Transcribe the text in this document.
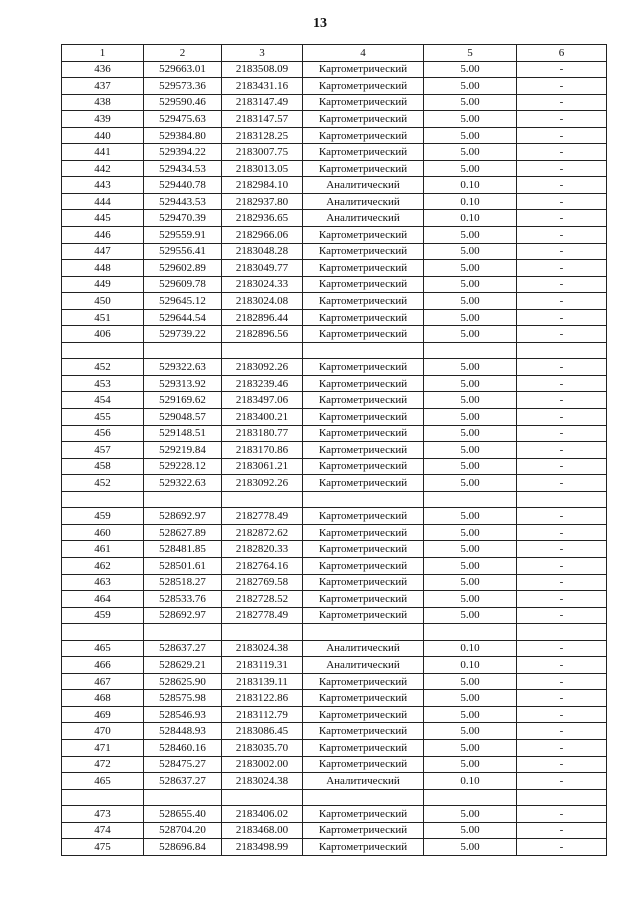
13
1	2	3	4	5	6
436	529663.01	2183508.09	Картометрический	5.00	-
437	529573.36	2183431.16	Картометрический	5.00	-
438	529590.46	2183147.49	Картометрический	5.00	-
439	529475.63	2183147.57	Картометрический	5.00	-
440	529384.80	2183128.25	Картометрический	5.00	-
441	529394.22	2183007.75	Картометрический	5.00	-
442	529434.53	2183013.05	Картометрический	5.00	-
443	529440.78	2182984.10	Аналитический	0.10	-
444	529443.53	2182937.80	Аналитический	0.10	-
445	529470.39	2182936.65	Аналитический	0.10	-
446	529559.91	2182966.06	Картометрический	5.00	-
447	529556.41	2183048.28	Картометрический	5.00	-
448	529602.89	2183049.77	Картометрический	5.00	-
449	529609.78	2183024.33	Картометрический	5.00	-
450	529645.12	2183024.08	Картометрический	5.00	-
451	529644.54	2182896.44	Картометрический	5.00	-
406	529739.22	2182896.56	Картометрический	5.00	-

452	529322.63	2183092.26	Картометрический	5.00	-
453	529313.92	2183239.46	Картометрический	5.00	-
454	529169.62	2183497.06	Картометрический	5.00	-
455	529048.57	2183400.21	Картометрический	5.00	-
456	529148.51	2183180.77	Картометрический	5.00	-
457	529219.84	2183170.86	Картометрический	5.00	-
458	529228.12	2183061.21	Картометрический	5.00	-
452	529322.63	2183092.26	Картометрический	5.00	-

459	528692.97	2182778.49	Картометрический	5.00	-
460	528627.89	2182872.62	Картометрический	5.00	-
461	528481.85	2182820.33	Картометрический	5.00	-
462	528501.61	2182764.16	Картометрический	5.00	-
463	528518.27	2182769.58	Картометрический	5.00	-
464	528533.76	2182728.52	Картометрический	5.00	-
459	528692.97	2182778.49	Картометрический	5.00	-

465	528637.27	2183024.38	Аналитический	0.10	-
466	528629.21	2183119.31	Аналитический	0.10	-
467	528625.90	2183139.11	Картометрический	5.00	-
468	528575.98	2183122.86	Картометрический	5.00	-
469	528546.93	2183112.79	Картометрический	5.00	-
470	528448.93	2183086.45	Картометрический	5.00	-
471	528460.16	2183035.70	Картометрический	5.00	-
472	528475.27	2183002.00	Картометрический	5.00	-
465	528637.27	2183024.38	Аналитический	0.10	-

473	528655.40	2183406.02	Картометрический	5.00	-
474	528704.20	2183468.00	Картометрический	5.00	-
475	528696.84	2183498.99	Картометрический	5.00	-
